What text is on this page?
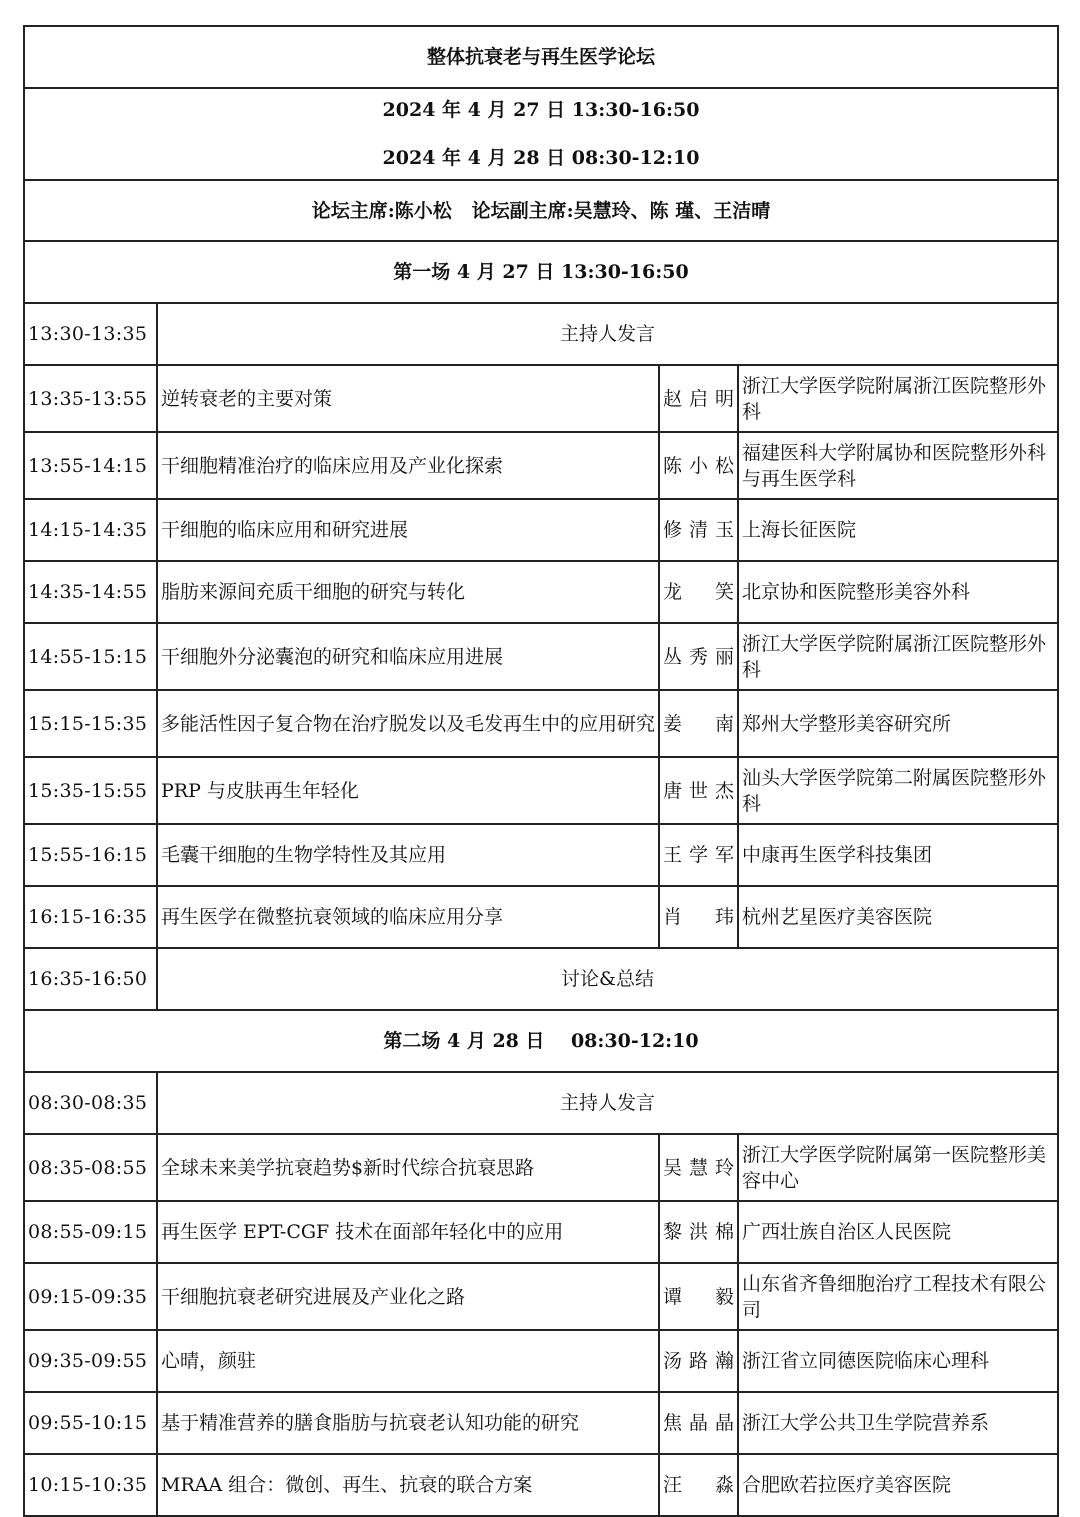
整体抗衰老与再生医学论坛			

2024 年 4 月 27 日 13:30-16:50
2024 年 4 月 28 日 08:30-12:10			

论坛主席:陈小松   论坛副主席:吴慧玲、陈 瑾、王洁晴			
第一场 4 月 27 日 13:30-16:50			
13:30-13:35	主持人发言		
13:35-13:55	逆转衰老的主要对策	赵启明	浙江大学医学院附属浙江医院整形外科
13:55-14:15	干细胞精准治疗的临床应用及产业化探索	陈小松	福建医科大学附属协和医院整形外科与再生医学科
14:15-14:35	干细胞的临床应用和研究进展	修清玉	上海长征医院
14:35-14:55	脂肪来源间充质干细胞的研究与转化	龙笑	北京协和医院整形美容外科
14:55-15:15	干细胞外分泌囊泡的研究和临床应用进展	丛秀丽	浙江大学医学院附属浙江医院整形外科
15:15-15:35	多能活性因子复合物在治疗脱发以及毛发再生中的应用研究	姜南	郑州大学整形美容研究所
15:35-15:55	PRP 与皮肤再生年轻化	唐世杰	汕头大学医学院第二附属医院整形外科
15:55-16:15	毛囊干细胞的生物学特性及其应用	王学军	中康再生医学科技集团
16:15-16:35	再生医学在微整抗衰领域的临床应用分享	肖玮	杭州艺星医疗美容医院
16:35-16:50	讨论&总结		
第二场 4 月 28 日    08:30-12:10			
08:30-08:35	主持人发言		
08:35-08:55	全球未来美学抗衰趋势$新时代综合抗衰思路	吴慧玲	浙江大学医学院附属第一医院整形美容中心
08:55-09:15	再生医学 EPT-CGF 技术在面部年轻化中的应用	黎洪棉	广西壮族自治区人民医院
09:15-09:35	干细胞抗衰老研究进展及产业化之路	谭毅	山东省齐鲁细胞治疗工程技术有限公司
09:35-09:55	心晴，颜驻	汤路瀚	浙江省立同德医院临床心理科
09:55-10:15	基于精准营养的膳食脂肪与抗衰老认知功能的研究	焦晶晶	浙江大学公共卫生学院营养系
10:15-10:35	MRAA 组合：微创、再生、抗衰的联合方案	汪淼	合肥欧若拉医疗美容医院
